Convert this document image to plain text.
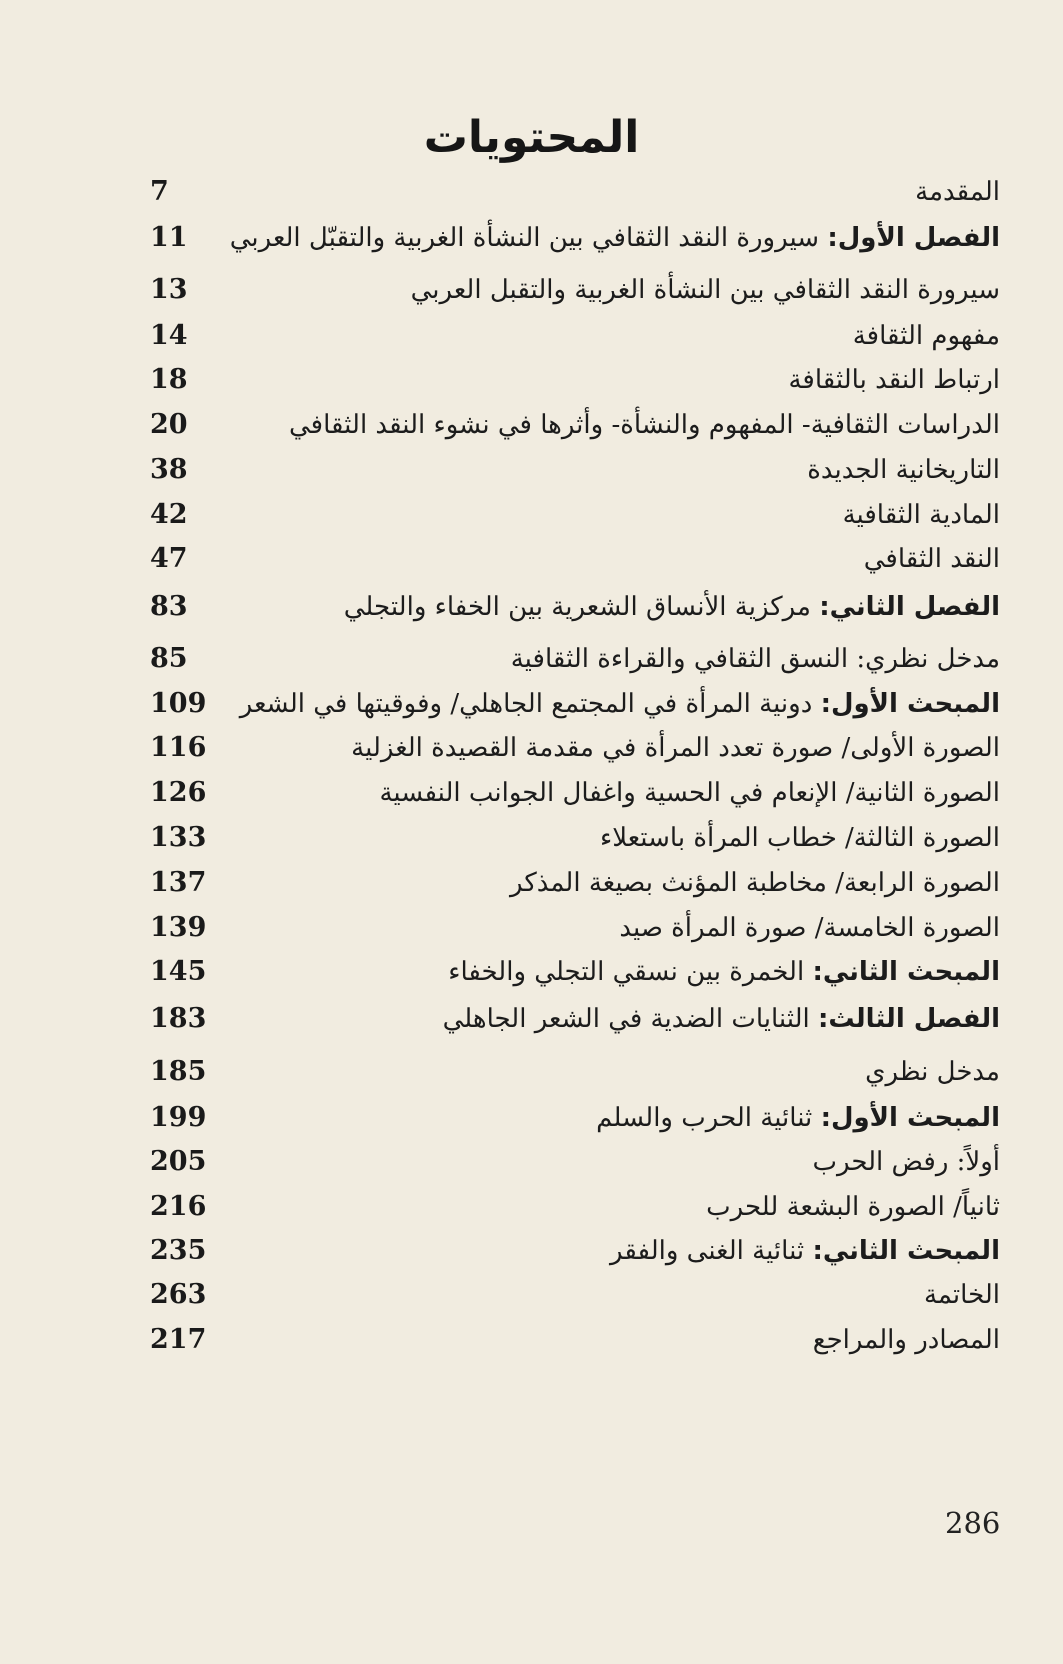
المحتويات
المقدمة
7
الفصل الأول: سيرورة النقد الثقافي بين النشأة الغربية والتقبّل العربي
11
سيرورة النقد الثقافي بين النشأة الغربية والتقبل العربي
13
مفهوم الثقافة
14
ارتباط النقد بالثقافة
18
الدراسات الثقافية- المفهوم والنشأة- وأثرها في نشوء النقد الثقافي
20
التاريخانية الجديدة
38
المادية الثقافية
42
النقد الثقافي
47
الفصل الثاني: مركزية الأنساق الشعرية بين الخفاء والتجلي
83
مدخل نظري: النسق الثقافي والقراءة الثقافية
85
المبحث الأول: دونية المرأة في المجتمع الجاهلي/ وفوقيتها في الشعر
109
الصورة الأولى/ صورة تعدد المرأة في مقدمة القصيدة الغزلية
116
الصورة الثانية/ الإنعام في الحسية واغفال الجوانب النفسية
126
الصورة الثالثة/ خطاب المرأة باستعلاء
133
الصورة الرابعة/ مخاطبة المؤنث بصيغة المذكر
137
الصورة الخامسة/ صورة المرأة صيد
139
المبحث الثاني: الخمرة بين نسقي التجلي والخفاء
145
الفصل الثالث: الثنايات الضدية في الشعر الجاهلي
183
مدخل نظري
185
المبحث الأول: ثنائية الحرب والسلم
199
أولاً: رفض الحرب
205
ثانياً/ الصورة البشعة للحرب
216
المبحث الثاني: ثنائية الغنى والفقر
235
الخاتمة
263
المصادر والمراجع
217
286
